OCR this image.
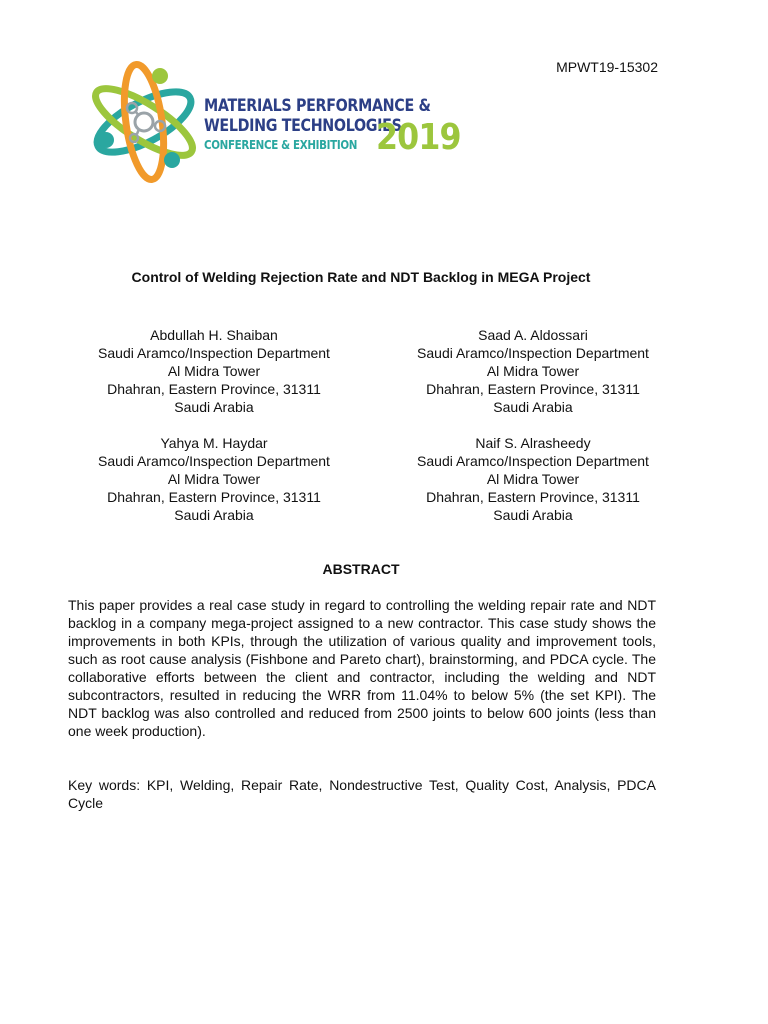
MPWT19-15302
MATERIALS PERFORMANCE &
WELDING TECHNOLOGIES
CONFERENCE & EXHIBITION 2019
Control of Welding Rejection Rate and NDT Backlog in MEGA Project
Abdullah H. Shaiban
Saudi Aramco/Inspection Department
Al Midra Tower
Dhahran, Eastern Province, 31311
Saudi Arabia
Saad A. Aldossari
Saudi Aramco/Inspection Department
Al Midra Tower
Dhahran, Eastern Province, 31311
Saudi Arabia
Yahya M. Haydar
Saudi Aramco/Inspection Department
Al Midra Tower
Dhahran, Eastern Province, 31311
Saudi Arabia
Naif S. Alrasheedy
Saudi Aramco/Inspection Department
Al Midra Tower
Dhahran, Eastern Province, 31311
Saudi Arabia
ABSTRACT

This paper provides a real case study in regard to controlling the welding repair rate and NDT backlog in a company mega-project assigned to a new contractor. This case study shows the improvements in both KPIs, through the utilization of various quality and improvement tools, such as root cause analysis (Fishbone and Pareto chart), brainstorming, and PDCA cycle. The collaborative efforts between the client and contractor, including the welding and NDT subcontractors, resulted in reducing the WRR from 11.04% to below 5% (the set KPI). The NDT backlog was also controlled and reduced from 2500 joints to below 600 joints (less than one week production).

Key words: KPI, Welding, Repair Rate, Nondestructive Test, Quality Cost, Analysis, PDCA Cycle
